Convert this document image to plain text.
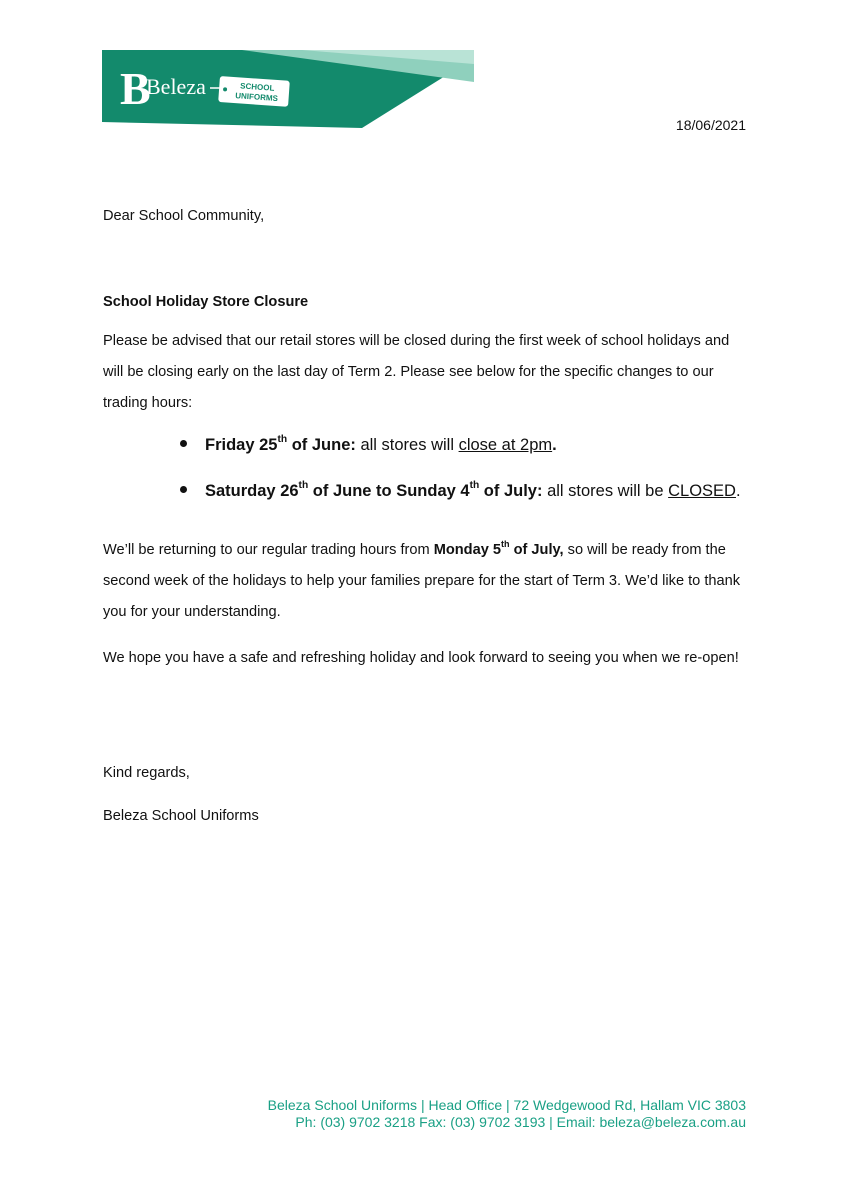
B
Beleza	SCHOOL
UNIFORMS
18/06/2021
Dear School Community,
School Holiday Store Closure
Please be advised that our retail stores will be closed during the first week of school holidays and will be closing early on the last day of Term 2. Please see below for the specific changes to our trading hours:
Friday 25th of June: all stores will close at 2pm.
Saturday 26th of June to Sunday 4th of July: all stores will be CLOSED.
We’ll be returning to our regular trading hours from Monday 5th of July, so will be ready from the second week of the holidays to help your families prepare for the start of Term 3. We’d like to thank you for your understanding.
We hope you have a safe and refreshing holiday and look forward to seeing you when we re-open!
Kind regards,
Beleza School Uniforms
Beleza School Uniforms | Head Office | 72 Wedgewood Rd, Hallam VIC 3803
Ph: (03) 9702 3218 Fax: (03) 9702 3193 | Email: beleza@beleza.com.au
